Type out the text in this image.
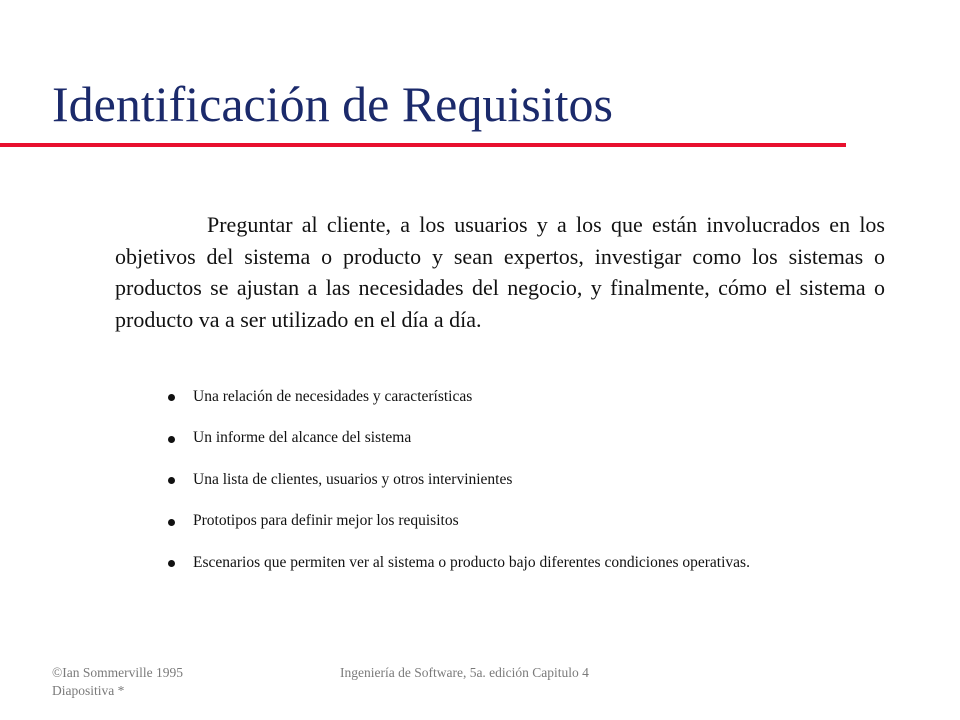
Identificación de Requisitos

Preguntar al cliente, a los usuarios y a los que están involucrados en los objetivos del sistema o producto y sean expertos, investigar como los sistemas o productos se ajustan a las necesidades del negocio, y finalmente, cómo el sistema o producto va a ser utilizado en el día a día.

Una relación de necesidades y características
Un informe del alcance del sistema
Una lista de clientes, usuarios y otros intervinientes
Prototipos para definir mejor los requisitos
Escenarios que permiten ver al sistema o producto bajo diferentes condiciones operativas.
©Ian Sommerville 1995
Diapositiva *
Ingeniería de Software, 5a. edición Capitulo 4
